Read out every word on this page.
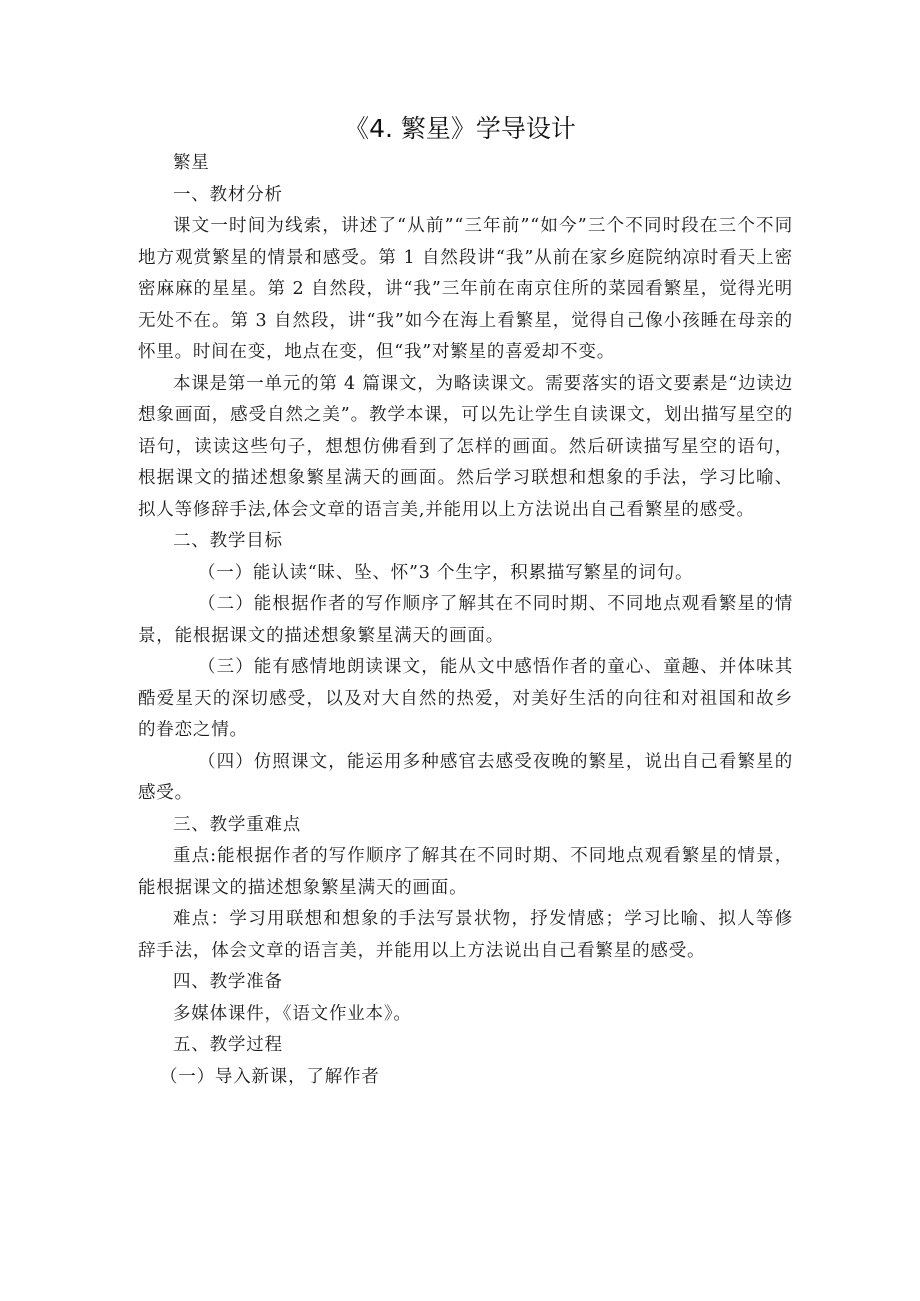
《4. 繁星》学导设计

繁星

一、教材分析

课文一时间为线索，讲述了“从前”“三年前”“如今”三个不同时段在三个不同地方观赏繁星的情景和感受。第 1 自然段讲“我”从前在家乡庭院纳凉时看天上密密麻麻的星星。第 2 自然段，讲“我”三年前在南京住所的菜园看繁星，觉得光明无处不在。第 3 自然段，讲“我”如今在海上看繁星，觉得自己像小孩睡在母亲的怀里。时间在变，地点在变，但“我”对繁星的喜爱却不变。

本课是第一单元的第 4 篇课文，为略读课文。需要落实的语文要素是“边读边想象画面，感受自然之美”。教学本课，可以先让学生自读课文，划出描写星空的语句，读读这些句子，想想仿佛看到了怎样的画面。然后研读描写星空的语句，根据课文的描述想象繁星满天的画面。然后学习联想和想象的手法，学习比喻、拟人等修辞手法,体会文章的语言美,并能用以上方法说出自己看繁星的感受。

二、教学目标

（一）能认读“昧、坠、怀”3 个生字，积累描写繁星的词句。

（二）能根据作者的写作顺序了解其在不同时期、不同地点观看繁星的情景，能根据课文的描述想象繁星满天的画面。

（三）能有感情地朗读课文，能从文中感悟作者的童心、童趣、并体味其酷爱星天的深切感受，以及对大自然的热爱，对美好生活的向往和对祖国和故乡的眷恋之情。

（四）仿照课文，能运用多种感官去感受夜晚的繁星，说出自己看繁星的感受。

三、教学重难点

重点:能根据作者的写作顺序了解其在不同时期、不同地点观看繁星的情景，能根据课文的描述想象繁星满天的画面。

难点：学习用联想和想象的手法写景状物，抒发情感；学习比喻、拟人等修辞手法，体会文章的语言美，并能用以上方法说出自己看繁星的感受。

四、教学准备

多媒体课件，《语文作业本》。

五、教学过程

（一）导入新课，了解作者
